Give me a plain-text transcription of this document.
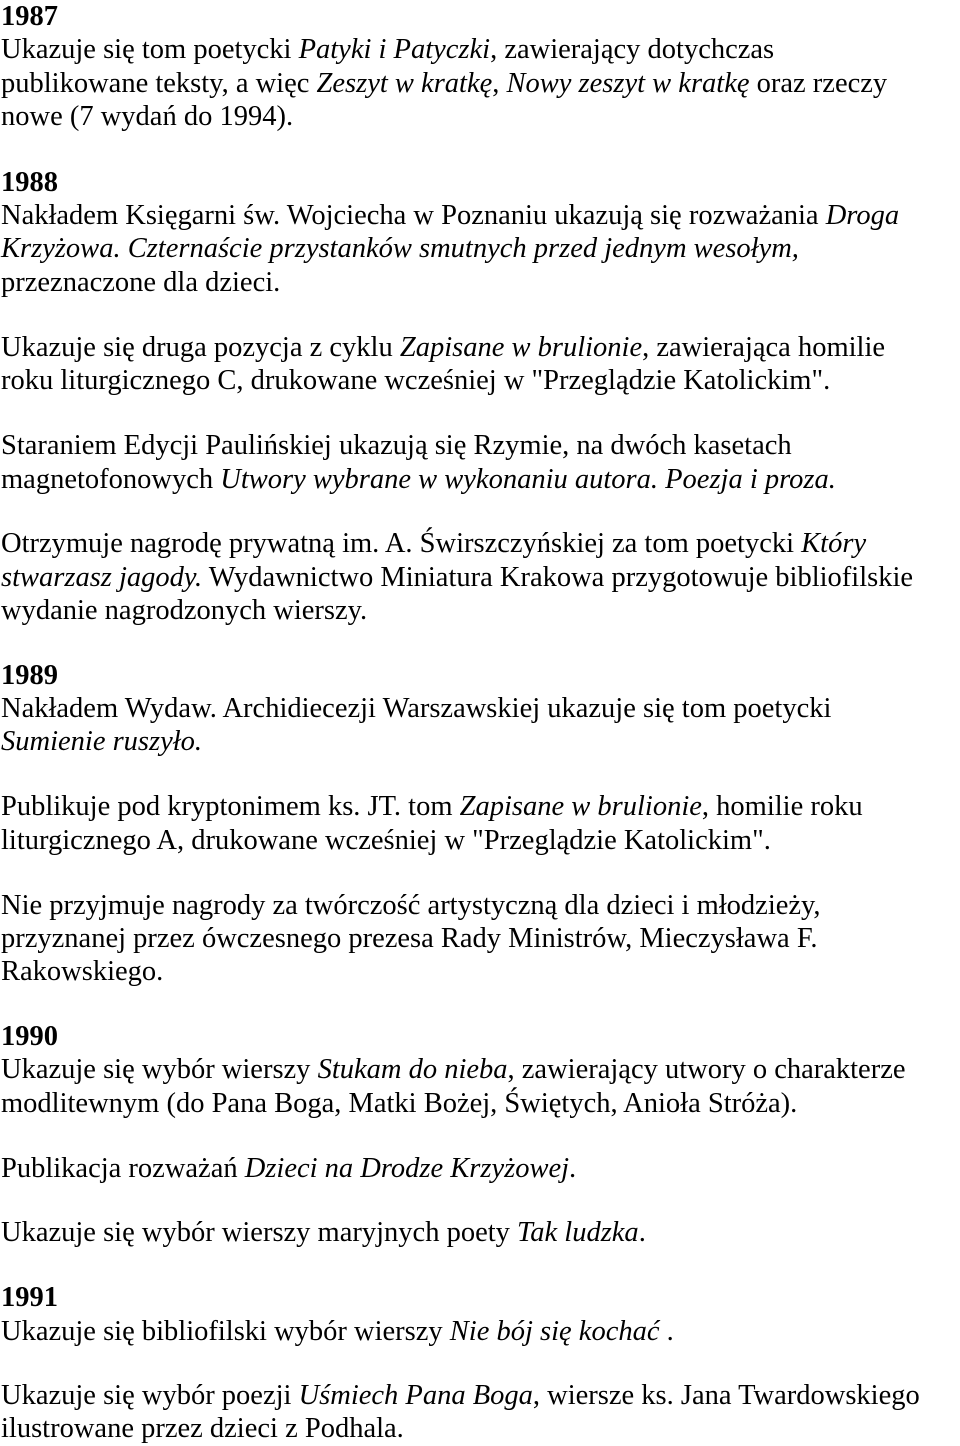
1987
Ukazuje się tom poetycki Patyki i Patyczki, zawierający dotychczas
publikowane teksty, a więc Zeszyt w kratkę, Nowy zeszyt w kratkę oraz rzeczy
nowe (7 wydań do 1994).
1988
Nakładem Księgarni św. Wojciecha w Poznaniu ukazują się rozważania Droga
Krzyżowa. Czternaście przystanków smutnych przed jednym wesołym,
przeznaczone dla dzieci.
Ukazuje się druga pozycja z cyklu Zapisane w brulionie, zawierająca homilie
roku liturgicznego C, drukowane wcześniej w "Przeglądzie Katolickim".
Staraniem Edycji Paulińskiej ukazują się Rzymie, na dwóch kasetach
magnetofonowych Utwory wybrane w wykonaniu autora. Poezja i proza.
Otrzymuje nagrodę prywatną im. A. Świrszczyńskiej za tom poetycki Który
stwarzasz jagody. Wydawnictwo Miniatura Krakowa przygotowuje bibliofilskie
wydanie nagrodzonych wierszy.
1989
Nakładem Wydaw. Archidiecezji Warszawskiej ukazuje się tom poetycki
Sumienie ruszyło.
Publikuje pod kryptonimem ks. JT. tom Zapisane w brulionie, homilie roku
liturgicznego A, drukowane wcześniej w "Przeglądzie Katolickim".
Nie przyjmuje nagrody za twórczość artystyczną dla dzieci i młodzieży,
przyznanej przez ówczesnego prezesa Rady Ministrów, Mieczysława F.
Rakowskiego.
1990
Ukazuje się wybór wierszy Stukam do nieba, zawierający utwory o charakterze
modlitewnym (do Pana Boga, Matki Bożej, Świętych, Anioła Stróża).
Publikacja rozważań Dzieci na Drodze Krzyżowej.
Ukazuje się wybór wierszy maryjnych poety Tak ludzka.
1991
Ukazuje się bibliofilski wybór wierszy Nie bój się kochać .
Ukazuje się wybór poezji Uśmiech Pana Boga, wiersze ks. Jana Twardowskiego
ilustrowane przez dzieci z Podhala.
